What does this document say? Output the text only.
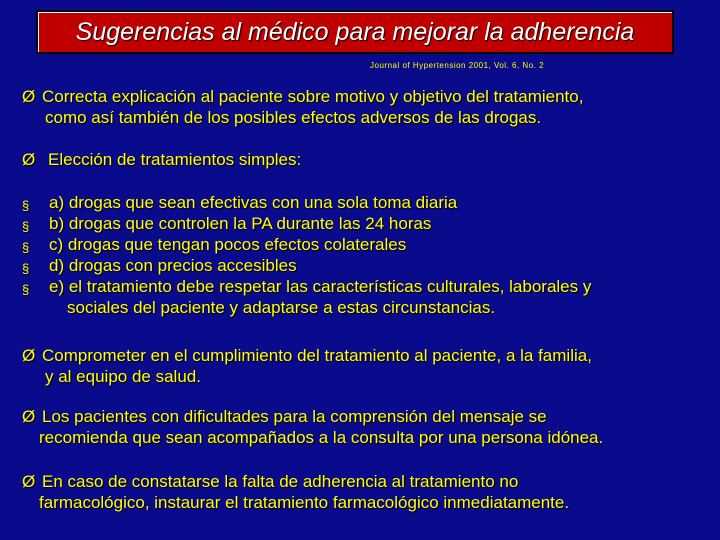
Sugerencias al médico para mejorar la adherencia
Journal of Hypertension 2001, Vol. 6, No. 2
Ø Correcta explicación al paciente sobre motivo y objetivo del tratamiento,
como así también de los posibles efectos adversos de las drogas.
Ø Elección de tratamientos simples:
§ a) drogas que sean efectivas con una sola toma diaria
§ b) drogas que controlen la PA durante las 24 horas
§ c) drogas que tengan pocos efectos colaterales
§ d) drogas con precios accesibles
§ e) el tratamiento debe respetar las características culturales, laborales y
sociales del paciente y adaptarse a estas circunstancias.
Ø Comprometer en el cumplimiento del tratamiento al paciente, a la familia,
y al equipo de salud.
Ø Los pacientes con dificultades para la comprensión del mensaje se
recomienda que sean acompañados a la consulta por una persona idónea.
Ø En caso de constatarse la falta de adherencia al tratamiento no
farmacológico, instaurar el tratamiento farmacológico inmediatamente.
